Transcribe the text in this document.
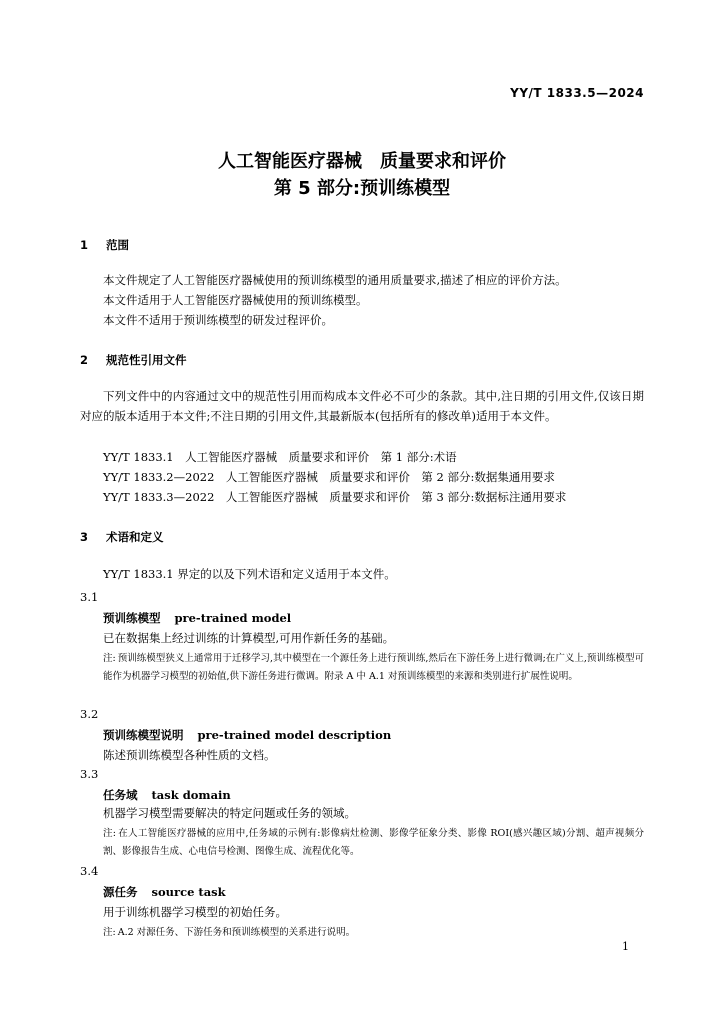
YY/T 1833.5—2024
人工智能医疗器械　质量要求和评价
第 5 部分:预训练模型
1 范围
本文件规定了人工智能医疗器械使用的预训练模型的通用质量要求,描述了相应的评价方法。
本文件适用于人工智能医疗器械使用的预训练模型。
本文件不适用于预训练模型的研发过程评价。
2 规范性引用文件
下列文件中的内容通过文中的规范性引用而构成本文件必不可少的条款。其中,注日期的引用文件,仅该日期对应的版本适用于本文件;不注日期的引用文件,其最新版本(包括所有的修改单)适用于本文件。
YY/T 1833.1　人工智能医疗器械　质量要求和评价　第 1 部分:术语
YY/T 1833.2—2022　人工智能医疗器械　质量要求和评价　第 2 部分:数据集通用要求
YY/T 1833.3—2022　人工智能医疗器械　质量要求和评价　第 3 部分:数据标注通用要求
3 术语和定义
YY/T 1833.1 界定的以及下列术语和定义适用于本文件。
3.1
预训练模型 pre-trained model
已在数据集上经过训练的计算模型,可用作新任务的基础。
注: 预训练模型狭义上通常用于迁移学习,其中模型在一个源任务上进行预训练,然后在下游任务上进行微调;在广义上,预训练模型可能作为机器学习模型的初始值,供下游任务进行微调。附录 A 中 A.1 对预训练模型的来源和类别进行扩展性说明。
3.2
预训练模型说明 pre-trained model description
陈述预训练模型各种性质的文档。
3.3
任务域 task domain
机器学习模型需要解决的特定问题或任务的领域。
注: 在人工智能医疗器械的应用中,任务域的示例有:影像病灶检测、影像学征象分类、影像 ROI(感兴趣区域)分割、超声视频分割、影像报告生成、心电信号检测、图像生成、流程优化等。
3.4
源任务 source task
用于训练机器学习模型的初始任务。
注: A.2 对源任务、下游任务和预训练模型的关系进行说明。
1
